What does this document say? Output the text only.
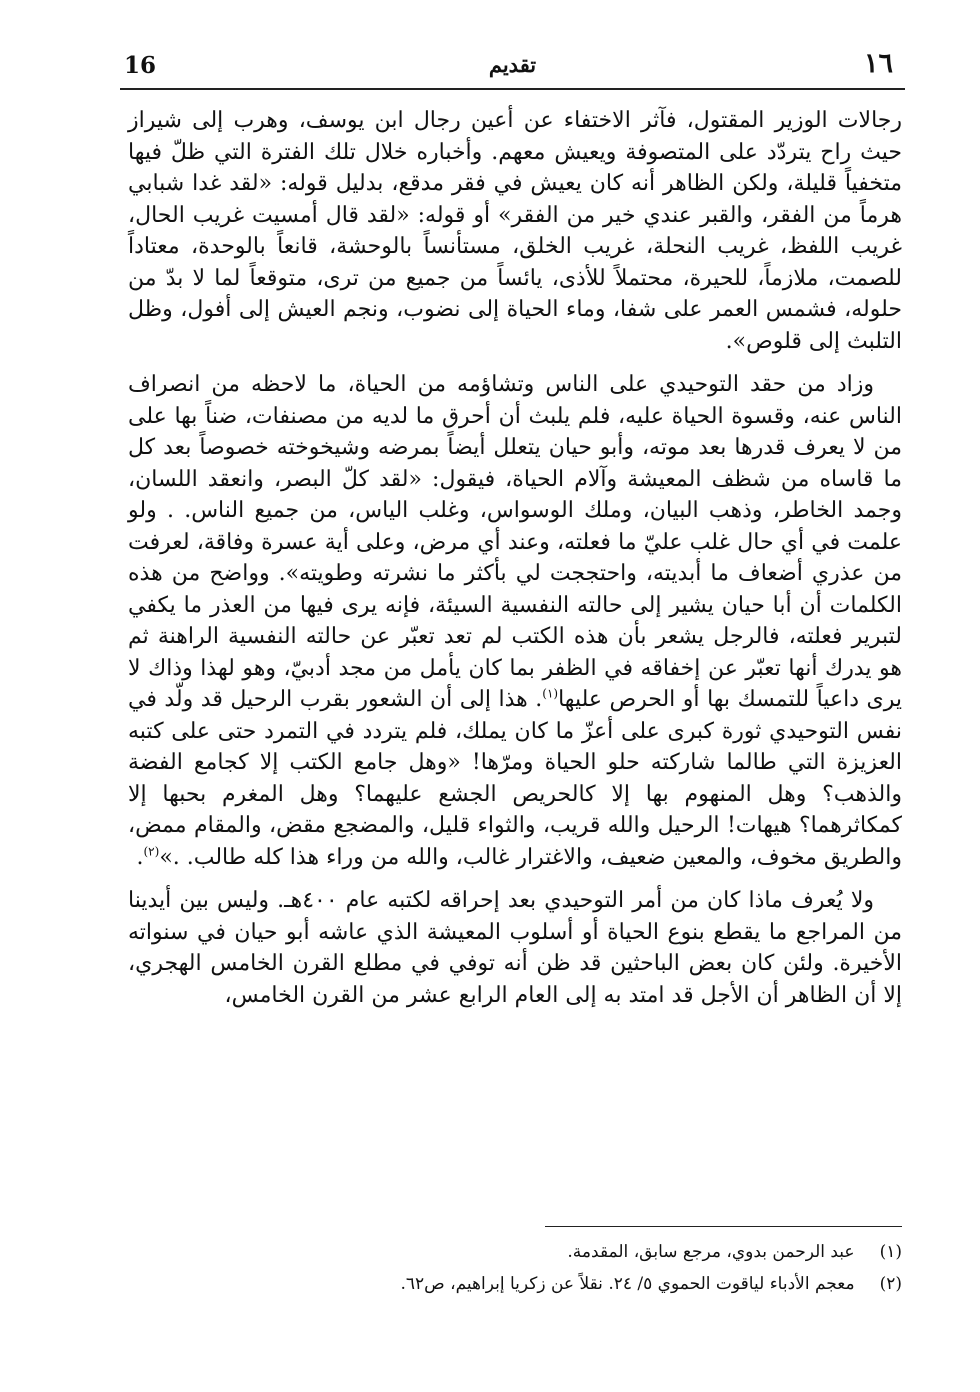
١٦
تقديم
16

رجالات الوزير المقتول، فآثر الاختفاء عن أعين رجال ابن يوسف، وهرب إلى شيراز حيث راح يتردّد على المتصوفة ويعيش معهم. وأخباره خلال تلك الفترة التي ظلّ فيها متخفياً قليلة، ولكن الظاهر أنه كان يعيش في فقر مدقع، بدليل قوله: «لقد غدا شبابي هرماً من الفقر، والقبر عندي خير من الفقر» أو قوله: «لقد قال أمسيت غريب الحال، غريب اللفظ، غريب النحلة، غريب الخلق، مستأنساً بالوحشة، قانعاً بالوحدة، معتاداً للصمت، ملازماً، للحيرة، محتملاً للأذى، يائساً من جميع من ترى، متوقعاً لما لا بدّ من حلوله، فشمس العمر على شفا، وماء الحياة إلى نضوب، ونجم العيش إلى أفول، وظل التلبث إلى قلوص».

وزاد من حقد التوحيدي على الناس وتشاؤمه من الحياة، ما لاحظه من انصراف الناس عنه، وقسوة الحياة عليه، فلم يلبث أن أحرق ما لديه من مصنفات، ضناً بها على من لا يعرف قدرها بعد موته، وأبو حيان يتعلل أيضاً بمرضه وشيخوخته خصوصاً بعد كل ما قاساه من شظف المعيشة وآلام الحياة، فيقول: «لقد كلّ البصر، وانعقد اللسان، وجمد الخاطر، وذهب البيان، وملك الوسواس، وغلب الياس، من جميع الناس. . ولو علمت في أي حال غلب عليّ ما فعلته، وعند أي مرض، وعلى أية عسرة وفاقة، لعرفت من عذري أضعاف ما أبديته، واحتججت لي بأكثر ما نشرته وطويته». وواضح من هذه الكلمات أن أبا حيان يشير إلى حالته النفسية السيئة، فإنه يرى فيها من العذر ما يكفي لتبرير فعلته، فالرجل يشعر بأن هذه الكتب لم تعد تعبّر عن حالته النفسية الراهنة ثم هو يدرك أنها تعبّر عن إخفاقه في الظفر بما كان يأمل من مجد أدبيّ، وهو لهذا وذاك لا يرى داعياً للتمسك بها أو الحرص عليها$^{(١)}$. هذا إلى أن الشعور بقرب الرحيل قد ولّد في نفس التوحيدي ثورة كبرى على أعزّ ما كان يملك، فلم يتردد في التمرد حتى على كتبه العزيزة التي طالما شاركته حلو الحياة ومرّها! «وهل جامع الكتب إلا كجامع الفضة والذهب؟ وهل المنهوم بها إلا كالحريص الجشع عليهما؟ وهل المغرم بحبها إلا كمكاثرهما؟ هيهات! الرحيل والله قريب، والثواء قليل، والمضجع مقض، والمقام ممض، والطريق مخوف، والمعين ضعيف، والاغترار غالب، والله من وراء هذا كله طالب. .»$^{(٢)}$.

ولا يُعرف ماذا كان من أمر التوحيدي بعد إحراقه لكتبه عام ٤٠٠هـ. وليس بين أيدينا من المراجع ما يقطع بنوع الحياة أو أسلوب المعيشة الذي عاشه أبو حيان في سنواته الأخيرة. ولئن كان بعض الباحثين قد ظن أنه توفي في مطلع القرن الخامس الهجري، إلا أن الظاهر أن الأجل قد امتد به إلى العام الرابع عشر من القرن الخامس،

(١) عبد الرحمن بدوي، مرجع سابق، المقدمة.
(٢) معجم الأدباء لياقوت الحموي ٥/ ٢٤. نقلاً عن زكريا إبراهيم، ص٦٢.
